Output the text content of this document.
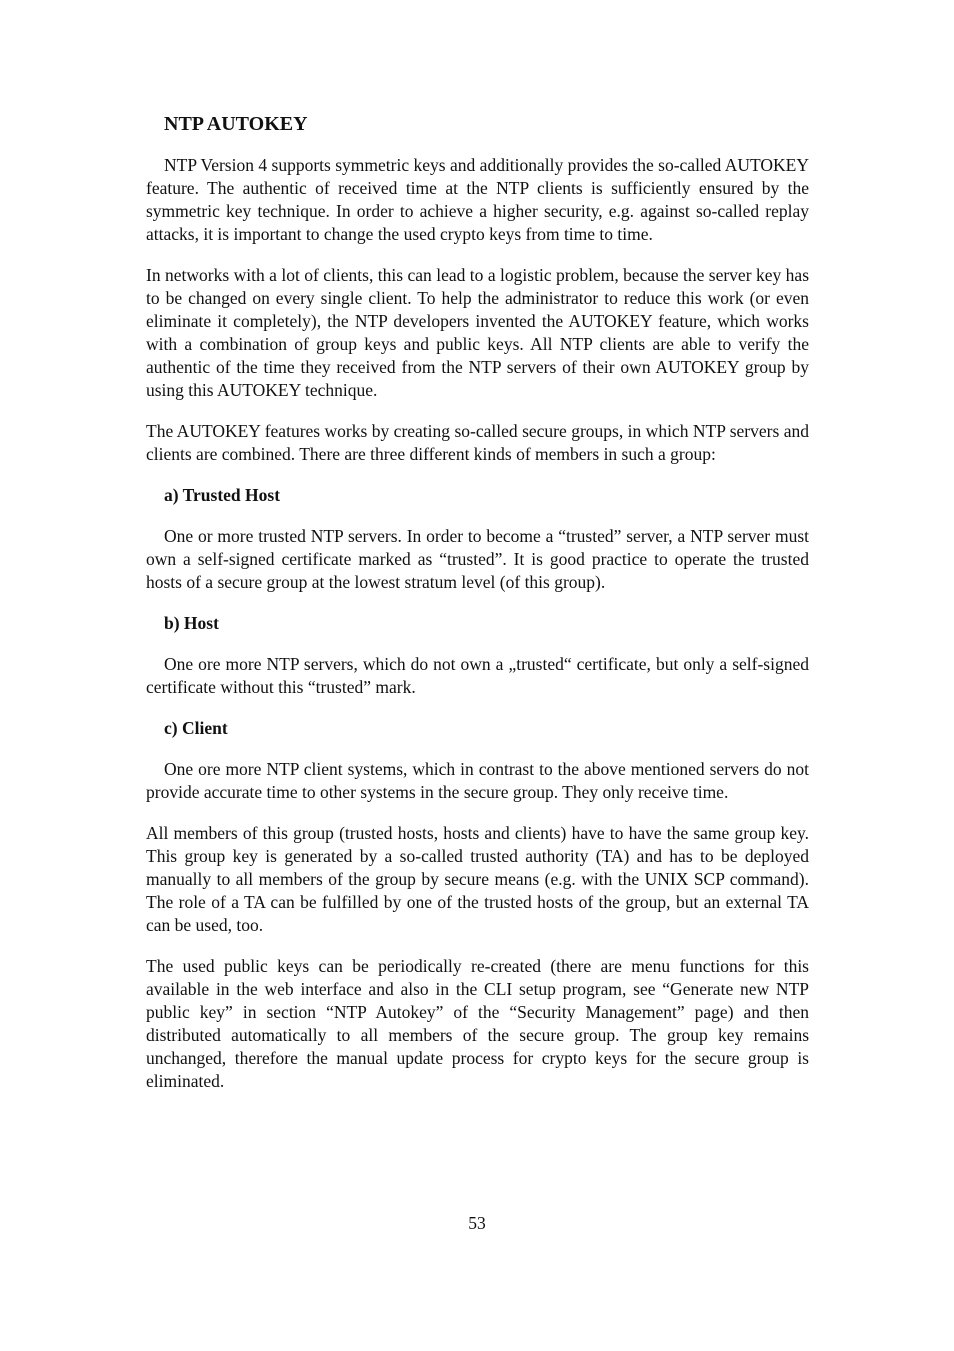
NTP AUTOKEY

NTP Version 4 supports symmetric keys and additionally provides the so-called AUTOKEY feature. The authentic of received time at the NTP clients is sufficiently ensured by the symmetric key technique. In order to achieve a higher security, e.g. against so-called replay attacks, it is important to change the used crypto keys from time to time.

In networks with a lot of clients, this can lead to a logistic problem, because the server key has to be changed on every single client. To help the administrator to reduce this work (or even eliminate it completely), the NTP developers invented the AUTOKEY feature, which works with a combination of group keys and public keys. All NTP clients are able to verify the authentic of the time they received from the NTP servers of their own AUTOKEY group by using this AUTOKEY technique.

The AUTOKEY features works by creating so-called secure groups, in which NTP servers and clients are combined. There are three different kinds of members in such a group:

a) Trusted Host

One or more trusted NTP servers. In order to become a “trusted” server, a NTP server must own a self-signed certificate marked as “trusted”. It is good practice to operate the trusted hosts of a secure group at the lowest stratum level (of this group).

b) Host

One ore more NTP servers, which do not own a „trusted“ certificate, but only a self-signed certificate without this “trusted” mark.

c) Client

One ore more NTP client systems, which in contrast to the above mentioned servers do not provide accurate time to other systems in the secure group. They only receive time.

All members of this group (trusted hosts, hosts and clients) have to have the same group key. This group key is generated by a so-called trusted authority (TA) and has to be deployed manually to all members of the group by secure means (e.g. with the UNIX SCP command). The role of a TA can be fulfilled by one of the trusted hosts of the group, but an external TA can be used, too.

The used public keys can be periodically re-created (there are menu functions for this available in the web interface and also in the CLI setup program, see “Generate new NTP public key” in section “NTP Autokey” of the “Security Management” page) and then distributed automatically to all members of the secure group. The group key remains unchanged, therefore the manual update process for crypto keys for the secure group is eliminated.

53
